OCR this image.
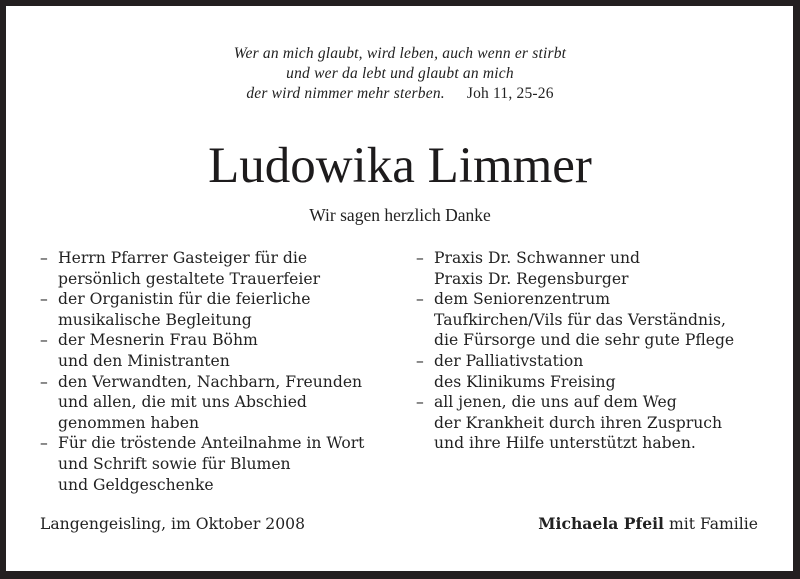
Wer an mich glaubt, wird leben, auch wenn er stirbt
und wer da lebt und glaubt an mich
der wird nimmer mehr sterben. Joh 11, 25-26
Ludowika Limmer
Wir sagen herzlich Danke
– Herrn Pfarrer Gasteiger für die
persönlich gestaltete Trauerfeier
– der Organistin für die feierliche
musikalische Begleitung
– der Mesnerin Frau Böhm
und den Ministranten
– den Verwandten, Nachbarn, Freunden
und allen, die mit uns Abschied
genommen haben
– Für die tröstende Anteilnahme in Wort
und Schrift sowie für Blumen
und Geldgeschenke
– Praxis Dr. Schwanner und
Praxis Dr. Regensburger
– dem Seniorenzentrum
Taufkirchen/Vils für das Verständnis,
die Fürsorge und die sehr gute Pflege
– der Palliativstation
des Klinikums Freising
– all jenen, die uns auf dem Weg
der Krankheit durch ihren Zuspruch
und ihre Hilfe unterstützt haben.
Langengeisling, im Oktober 2008	Michaela Pfeil mit Familie
